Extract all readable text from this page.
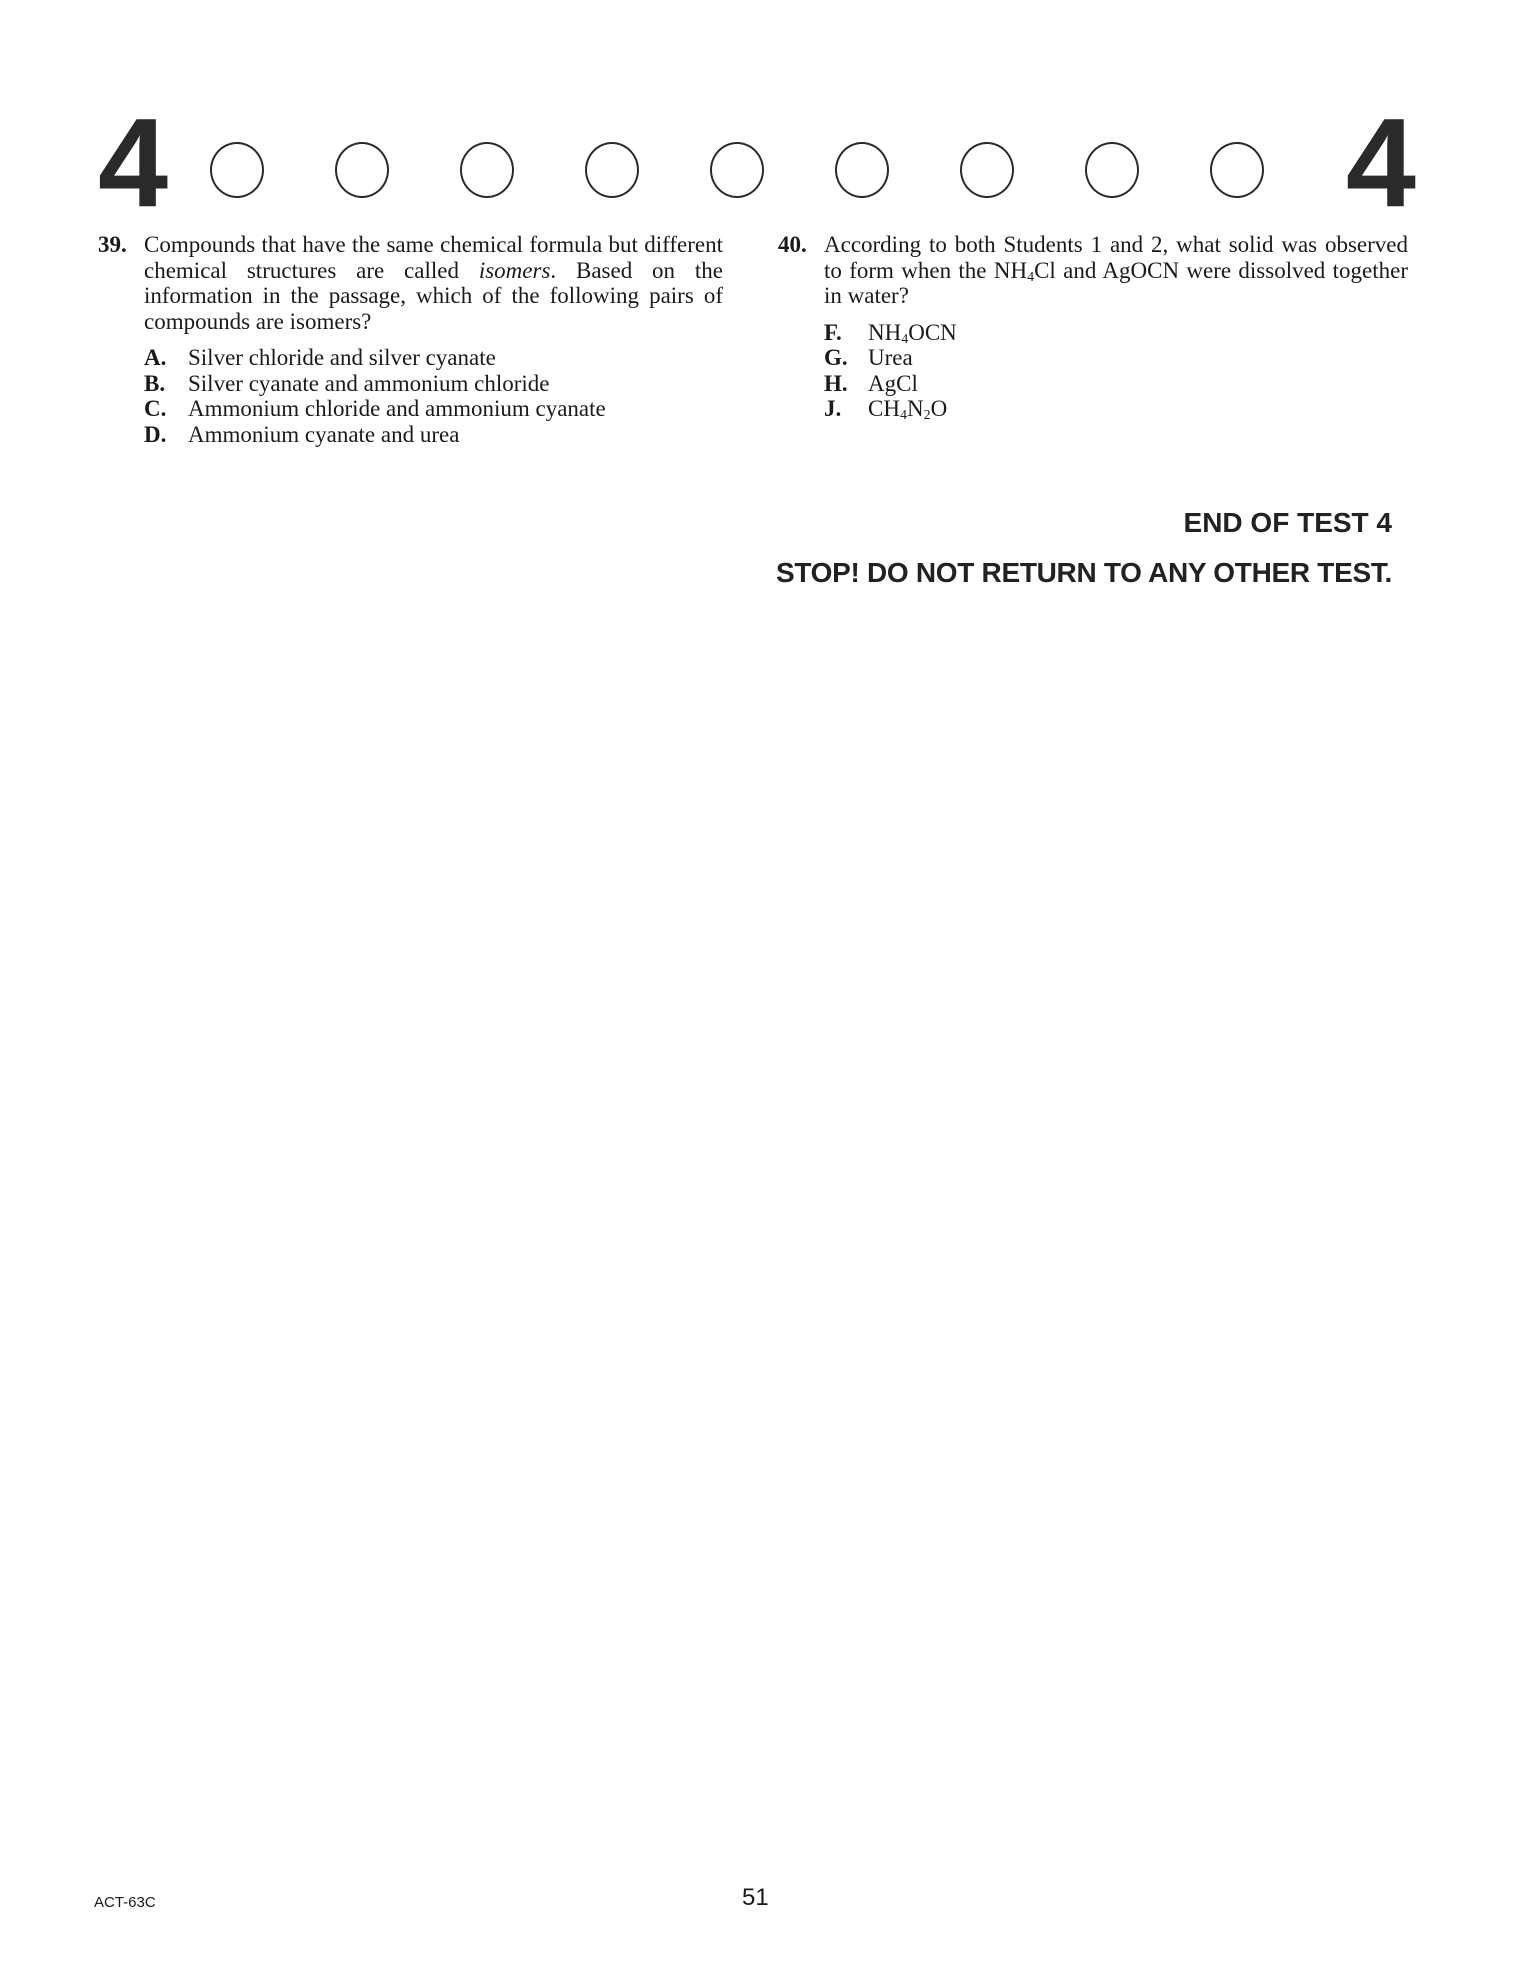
4	4
39. Compounds that have the same chemical formula but different chemical structures are called isomers. Based on the information in the passage, which of the following pairs of compounds are isomers?
A. Silver chloride and silver cyanate
B. Silver cyanate and ammonium chloride
C. Ammonium chloride and ammonium cyanate
D. Ammonium cyanate and urea
40. According to both Students 1 and 2, what solid was observed to form when the $NH_4Cl$ and AgOCN were dissolved together in water?
F.	$NH_4OCN$
G. Urea
H. AgCl
J.	$CH_4N_2O$
END OF TEST 4
STOP! DO NOT RETURN TO ANY OTHER TEST.
ACT-63C	51
